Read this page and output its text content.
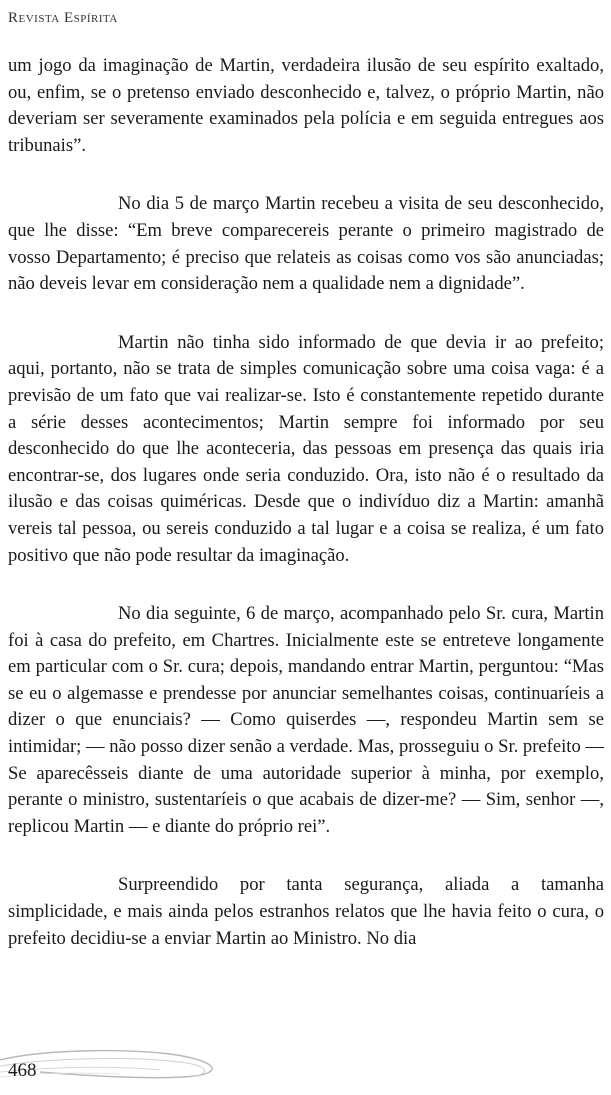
Revista Espírita

um jogo da imaginação de Martin, verdadeira ilusão de seu espírito exaltado, ou, enfim, se o pretenso enviado desconhecido e, talvez, o próprio Martin, não deveriam ser severamente examinados pela polícia e em seguida entregues aos tribunais”.

No dia 5 de março Martin recebeu a visita de seu desconhecido, que lhe disse: “Em breve comparecereis perante o primeiro magistrado de vosso Departamento; é preciso que relateis as coisas como vos são anunciadas; não deveis levar em consideração nem a qualidade nem a dignidade”.

Martin não tinha sido informado de que devia ir ao prefeito; aqui, portanto, não se trata de simples comunicação sobre uma coisa vaga: é a previsão de um fato que vai realizar-se. Isto é constantemente repetido durante a série desses acontecimentos; Martin sempre foi informado por seu desconhecido do que lhe aconteceria, das pessoas em presença das quais iria encontrar-se, dos lugares onde seria conduzido. Ora, isto não é o resultado da ilusão e das coisas quiméricas. Desde que o indivíduo diz a Martin: amanhã vereis tal pessoa, ou sereis conduzido a tal lugar e a coisa se realiza, é um fato positivo que não pode resultar da imaginação.

No dia seguinte, 6 de março, acompanhado pelo Sr. cura, Martin foi à casa do prefeito, em Chartres. Inicialmente este se entreteve longamente em particular com o Sr. cura; depois, mandando entrar Martin, perguntou: “Mas se eu o algemasse e prendesse por anunciar semelhantes coisas, continuaríeis a dizer o que enunciais? — Como quiserdes —, respondeu Martin sem se intimidar; — não posso dizer senão a verdade. Mas, prosseguiu o Sr. prefeito — Se aparecêsseis diante de uma autoridade superior à minha, por exemplo, perante o ministro, sustentaríeis o que acabais de dizer-me? — Sim, senhor —, replicou Martin — e diante do próprio rei”.

Surpreendido por tanta segurança, aliada a tamanha simplicidade, e mais ainda pelos estranhos relatos que lhe havia feito o cura, o prefeito decidiu-se a enviar Martin ao Ministro. No dia

468
